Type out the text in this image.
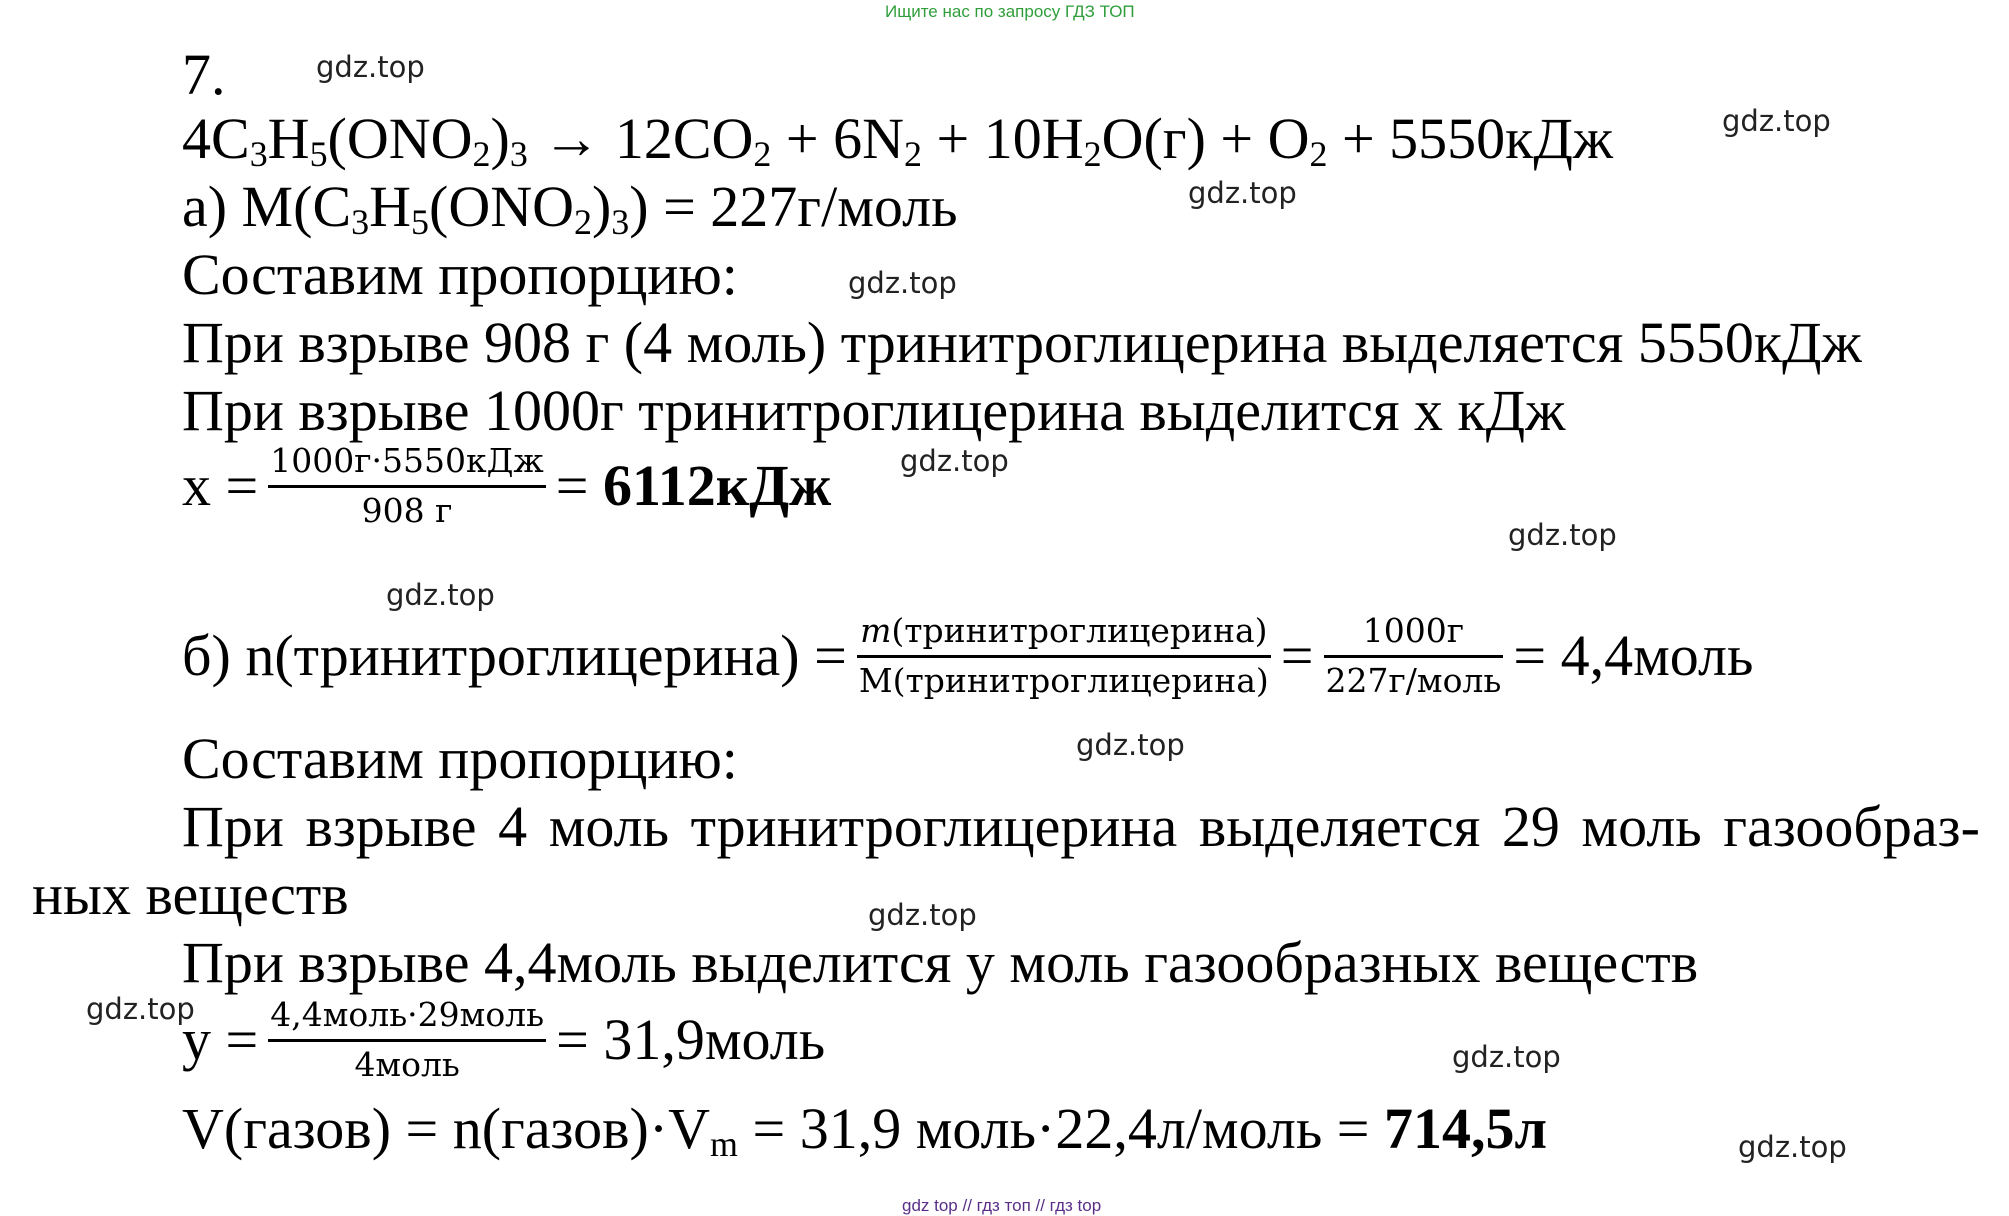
Ищите нас по запросу ГДЗ ТОП
7.
$4C_3H_5(ONO_2)_3 \to 12CO_2 + 6N_2 + 10H_2O(г) + O_2 + 5550кДж$
а) $M(C_3H_5(ONO_2)_3)$ = 227г/моль
Составим пропорцию:
При взрыве 908 г (4 моль) тринитроглицерина выделяется 5550кДж
При взрыве 1000г тринитроглицерина выделится х кДж
$х = \frac{\text{1000г·5550кДж}}{908 г}$ =
6112кДж
б) n(тринитроглицерина) = $\frac{\text{m(тринитроглицерина)}}{\text{M(тринитроглицерина)}} = \frac{1000г}{\text{227г/моль}}$ = 4,4моль
Составим пропорцию:
При взрыве 4 моль тринитроглицерина выделяется 29 моль газообраз-
ных веществ
При взрыве 4,4моль выделится у моль газообразных веществ
$у = \frac{\text{4,4моль·29моль}}{\text{4моль}}$ = 31,9моль
V(газов) = $n(газов)\cdot V_m = 31,9$ моль·22,4л/моль = 714,5л
gdz.top
gdz.top
gdz.top
gdz.top
gdz.top
gdz.top
gdz.top
gdz.top
gdz.top
gdz.top
gdz.top
gdz.top
gdz top // гдз топ // гдз top
